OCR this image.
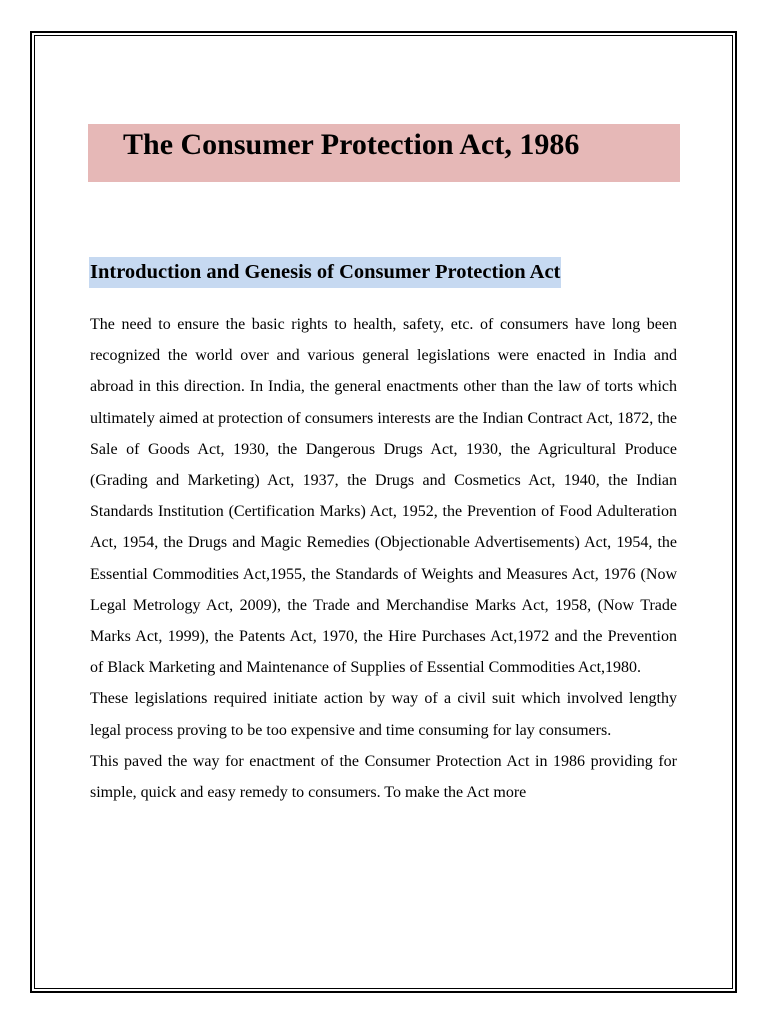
The Consumer Protection Act, 1986
Introduction and Genesis of Consumer Protection Act

The need to ensure the basic rights to health, safety, etc. of consumers have long been recognized the world over and various general legislations were enacted in India and abroad in this direction. In India, the general enactments other than the law of torts which ultimately aimed at protection of consumers interests are the Indian Contract Act, 1872, the Sale of Goods Act, 1930, the Dangerous Drugs Act, 1930, the Agricultural Produce (Grading and Marketing) Act, 1937, the Drugs and Cosmetics Act, 1940, the Indian Standards Institution (Certification Marks) Act, 1952, the Prevention of Food Adulteration Act, 1954, the Drugs and Magic Remedies (Objectionable Advertisements) Act, 1954, the Essential Commodities Act,1955, the Standards of Weights and Measures Act, 1976 (Now Legal Metrology Act, 2009), the Trade and Merchandise Marks Act, 1958, (Now Trade Marks Act, 1999), the Patents Act, 1970, the Hire Purchases Act,1972 and the Prevention of Black Marketing and Maintenance of Supplies of Essential Commodities Act,1980.

These legislations required initiate action by way of a civil suit which involved lengthy legal process proving to be too expensive and time consuming for lay consumers.

This paved the way for enactment of the Consumer Protection Act in 1986 providing for simple, quick and easy remedy to consumers. To make the Act more
